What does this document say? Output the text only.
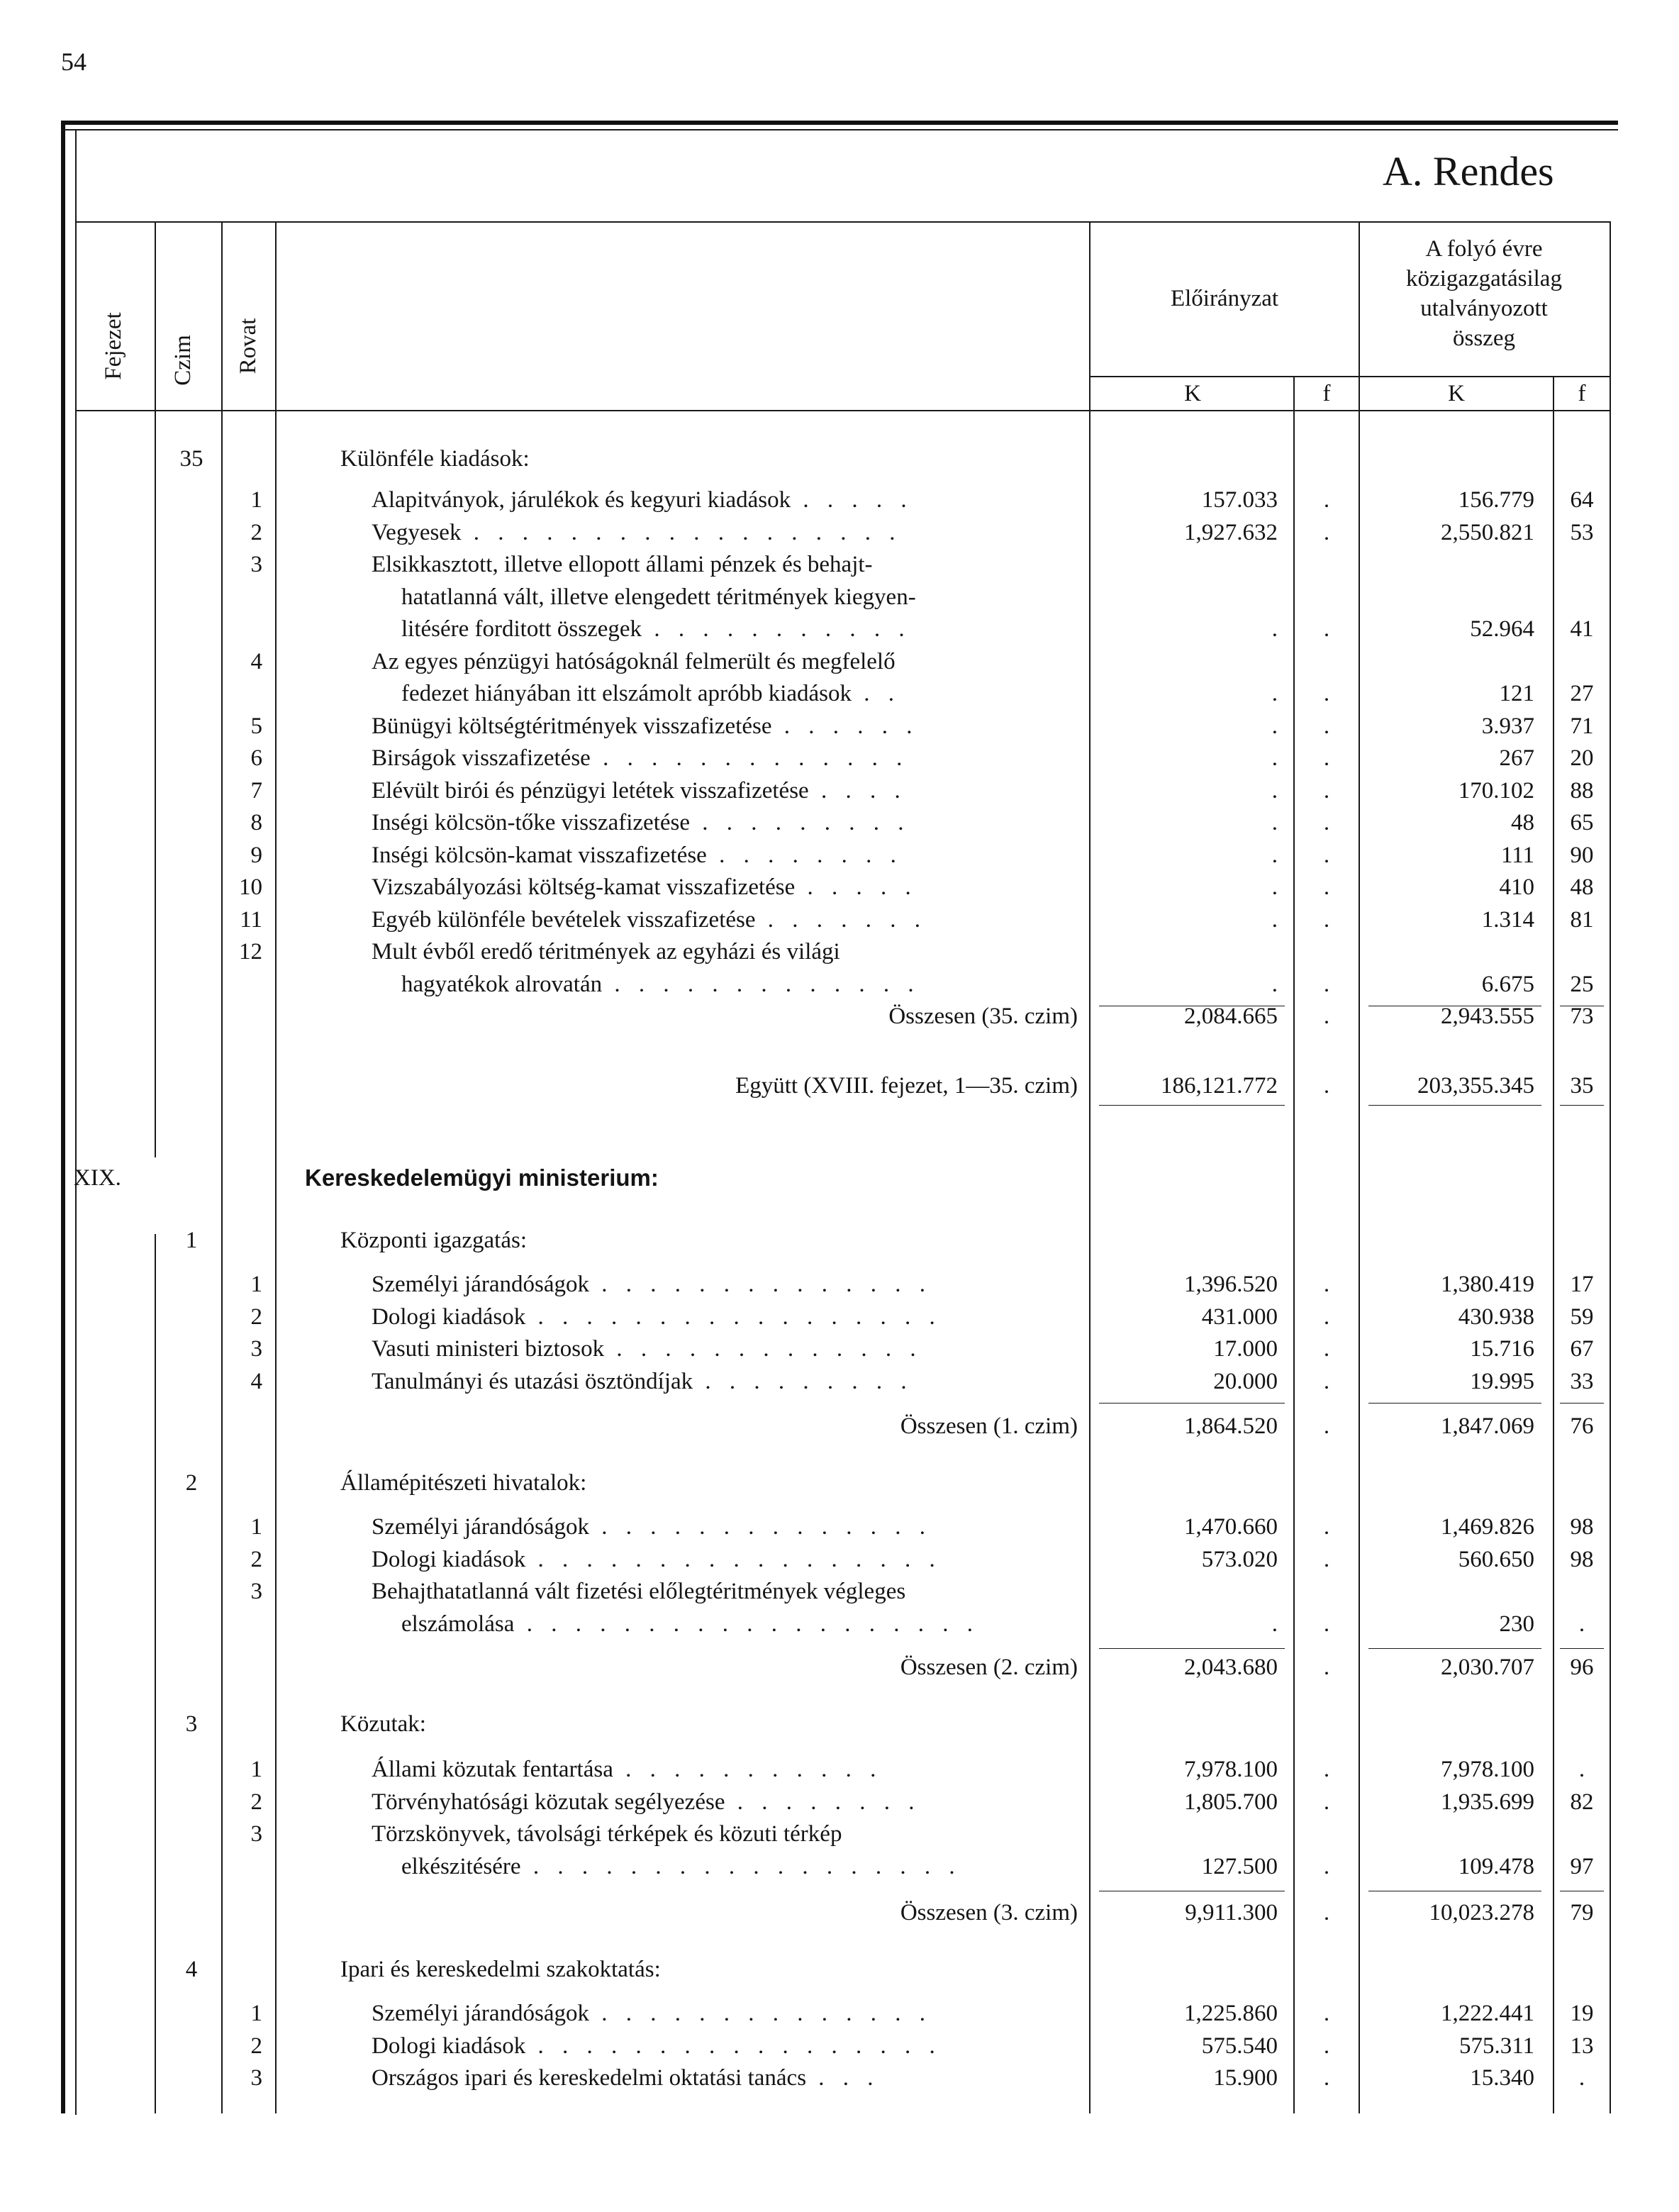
54
A. Rendes
Fejezet Czim Rovat
Előirányzat
A folyó évre
közigazgatásilag
utalványozott
összeg
K	f	K	f
35	Különféle kiadások:
1	Alapitványok, járulékok és kegyuri kiadások . . . . .	157.033	.	156.779	64
2	Vegyesek . . . . . . . . . . . . . . . . . .	1,927.632	.	2,550.821	53
3	Elsikkasztott, illetve ellopott állami pénzek és behajt-
hatatlanná vált, illetve elengedett téritmények kiegyen-
litésére forditott összegek . . . . . . . . . . .	.	.	52.964	41
4	Az egyes pénzügyi hatóságoknál felmerült és megfelelő
fedezet hiányában itt elszámolt apróbb kiadások . .	.	.	121	27
5	Bünügyi költségtéritmények visszafizetése . . . . . .	.	.	3.937	71
6	Birságok visszafizetése . . . . . . . . . . . . .	.	.	267	20
7	Elévült birói és pénzügyi letétek visszafizetése . . . .	.	.	170.102	88
8	Inségi kölcsön-tőke visszafizetése . . . . . . . . .	.	.	48	65
9	Inségi kölcsön-kamat visszafizetése . . . . . . . .	.	.	111	90
10	Vizszabályozási költség-kamat visszafizetése . . . . .	.	.	410	48
11	Egyéb különféle bevételek visszafizetése . . . . . . .	.	.	1.314	81
12	Mult évből eredő téritmények az egyházi és világi
hagyatékok alrovatán . . . . . . . . . . . . .	.	.	6.675	25
Összesen (35. czim)	2,084.665	.	2,943.555	73
Együtt (XVIII. fejezet, 1—35. czim)	186,121.772	.	203,355.345	35
XIX.	Kereskedelemügyi ministerium:
1	Központi igazgatás:
1	Személyi járandóságok . . . . . . . . . . . . . .	1,396.520	.	1,380.419	17
2	Dologi kiadások . . . . . . . . . . . . . . . . .	431.000	.	430.938	59
3	Vasuti ministeri biztosok . . . . . . . . . . . . .	17.000	.	15.716	67
4	Tanulmányi és utazási ösztöndíjak . . . . . . . . .	20.000	.	19.995	33
Összesen (1. czim)	1,864.520	.	1,847.069	76
2	Államépitészeti hivatalok:
1	Személyi járandóságok . . . . . . . . . . . . . .	1,470.660	.	1,469.826	98
2	Dologi kiadások . . . . . . . . . . . . . . . . .	573.020	.	560.650	98
3	Behajthatatlanná vált fizetési előlegtéritmények végleges
elszámolása . . . . . . . . . . . . . . . . . . .	.	.	230	.
Összesen (2. czim)	2,043.680	.	2,030.707	96
3	Közutak:
1	Állami közutak fentartása . . . . . . . . . . .	7,978.100	.	7,978.100	.
2	Törvényhatósági közutak segélyezése . . . . . . . .	1,805.700	.	1,935.699	82
3	Törzskönyvek, távolsági térképek és közuti térkép
elkészitésére . . . . . . . . . . . . . . . . . .	127.500	.	109.478	97
Összesen (3. czim)	9,911.300	.	10,023.278	79
4	Ipari és kereskedelmi szakoktatás:
1	Személyi járandóságok . . . . . . . . . . . . . .	1,225.860	.	1,222.441	19
2	Dologi kiadások . . . . . . . . . . . . . . . . .	575.540	.	575.311	13
3	Országos ipari és kereskedelmi oktatási tanács . . .	15.900	.	15.340	.
